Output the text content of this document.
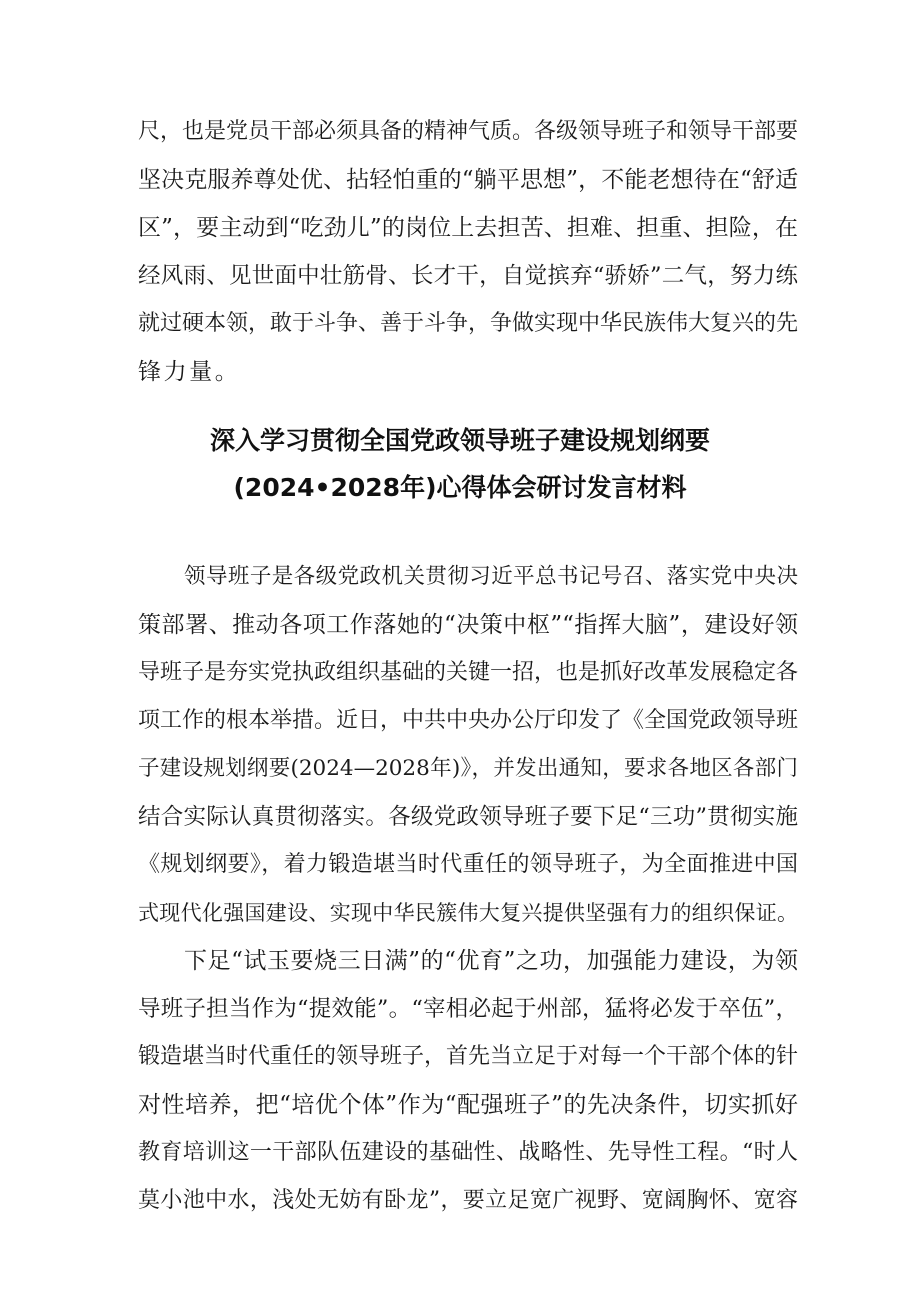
尺，也是党员干部必须具备的精神气质。各级领导班子和领导干部要
坚决克服养尊处优、拈轻怕重的“躺平思想”，不能老想待在“舒适
区”，要主动到“吃劲儿”的岗位上去担苦、担难、担重、担险，在
经风雨、见世面中壮筋骨、长才干，自觉摈弃“骄娇”二气，努力练
就过硬本领，敢于斗争、善于斗争，争做实现中华民族伟大复兴的先
锋力量。
深入学习贯彻全国党政领导班子建设规划纲要
(2024•2028年)心得体会研讨发言材料
领导班子是各级党政机关贯彻习近平总书记号召、落实党中央决
策部署、推动各项工作落她的“决策中枢”“指挥大脑”，建设好领
导班子是夯实党执政组织基础的关键一招，也是抓好改革发展稳定各
项工作的根本举措。近日，中共中央办公厅印发了《全国党政领导班
子建设规划纲要(2024—2028年)》，并发出通知，要求各地区各部门
结合实际认真贯彻落实。各级党政领导班子要下足“三功”贯彻实施
《规划纲要》，着力锻造堪当时代重任的领导班子，为全面推进中国
式现代化强国建设、实现中华民簇伟大复兴提供坚强有力的组织保证。
下足“试玉要烧三日满”的“优育”之功，加强能力建设，为领
导班子担当作为“提效能”。“宰相必起于州部，猛将必发于卒伍”，
锻造堪当时代重任的领导班子，首先当立足于对每一个干部个体的针
对性培养，把“培优个体”作为“配强班子”的先决条件，切实抓好
教育培训这一干部队伍建设的基础性、战略性、先导性工程。“时人
莫小池中水，浅处无妨有卧龙”，要立足宽广视野、宽阔胸怀、宽容
